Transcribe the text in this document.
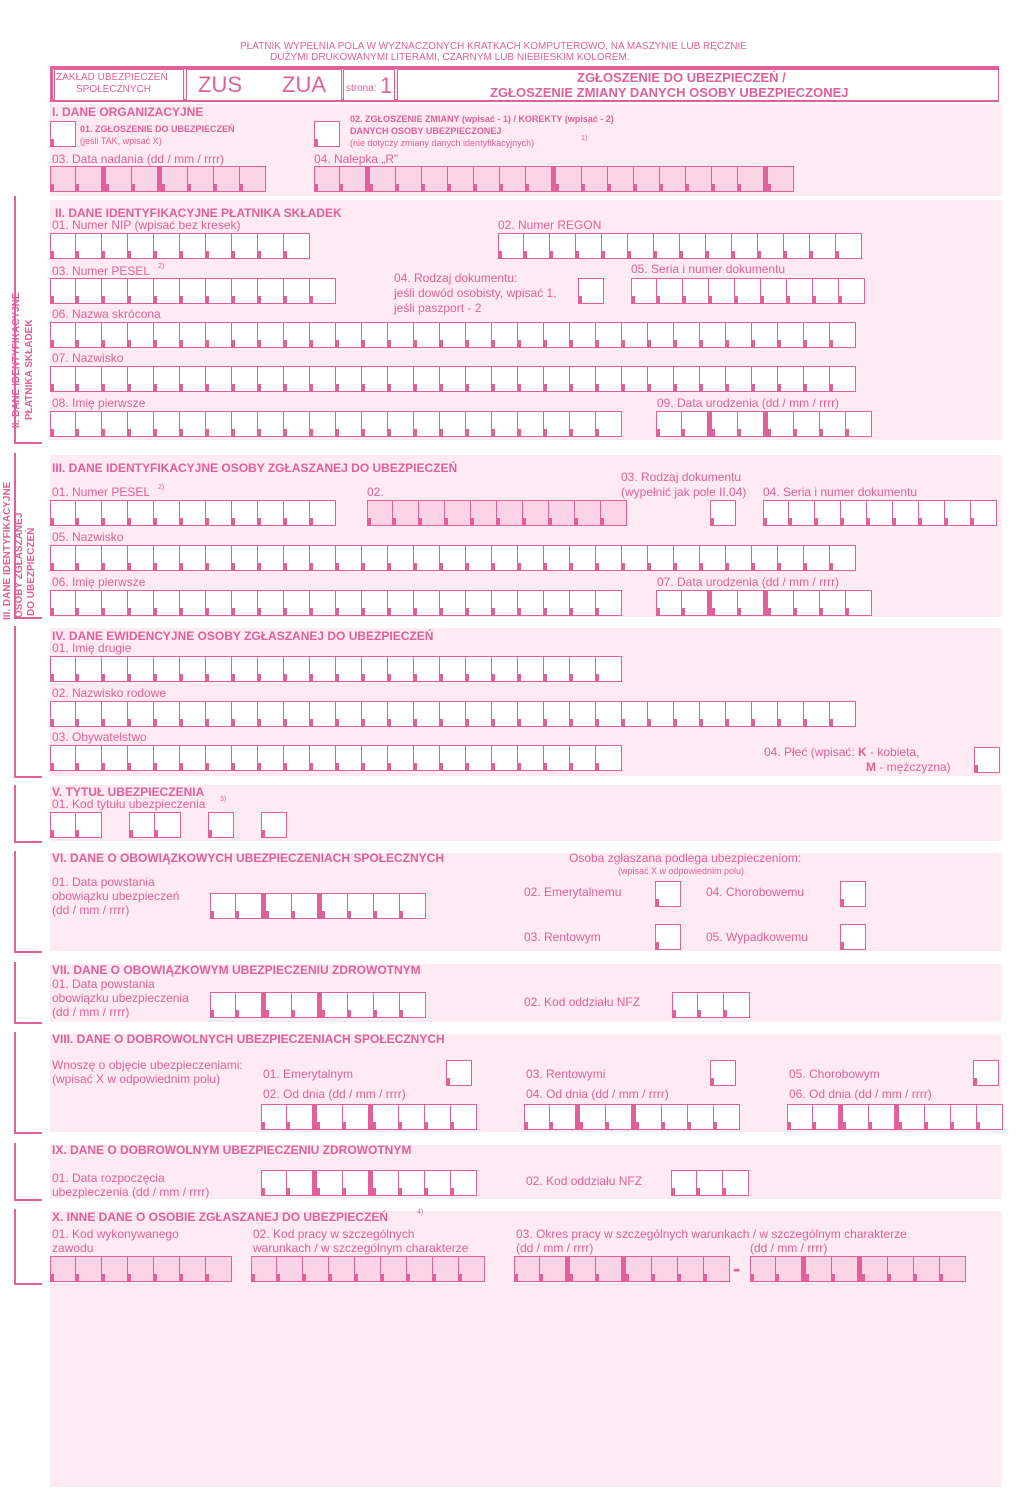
PŁATNIK WYPEŁNIA POLA W WYZNACZONYCH KRATKACH KOMPUTEROWO, NA MASZYNIE LUB RĘCZNIE
DUŻYMI DRUKOWANYMI LITERAMI, CZARNYM LUB NIEBIESKIM KOLOREM.
ZAKŁAD UBEZPIECZEŃ
SPOŁECZNYCH ZUS ZUA strona: 1	ZGŁOSZENIE DO UBEZPIECZEŃ /
ZGŁOSZENIE ZMIANY DANYCH OSOBY UBEZPIECZONEJ
I. DANE ORGANIZACYJNE
01. ZGŁOSZENIE DO UBEZPIECZEŃ
(jeśli TAK, wpisać X)
02. ZGŁOSZENIE ZMIANY (wpisać - 1) / KOREKTY (wpisać - 2)
DANYCH OSOBY UBEZPIECZONEJ
(nie dotyczy zmiany danych identyfikacyjnych)	1)
03. Data nadania (dd / mm / rrrr)	04. Nalepka „R”
II. DANE IDENTYFIKACYJNE PŁATNIKA SKŁADEK
II. DANE IDENTYFIKACYJNE PŁATNIKA SKŁADEK
01. Numer NIP (wpisać bez kresek)	02. Numer REGON
03. Numer PESEL 2)
04. Rodzaj dokumentu:
jeśli dowód osobisty, wpisać 1,
jeśli paszport - 2
05. Seria i numer dokumentu
06. Nazwa skrócona
07. Nazwisko
08. Imię pierwsze	09. Data urodzenia (dd / mm / rrrr)
III. DANE IDENTYFIKACYJNE OSOBY ZGŁASZANEJ DO UBEZPIECZEŃ
III. DANE IDENTYFIKACYJNE OSOBY ZGŁASZANEJ DO UBEZPIECZEŃ
01. Numer PESEL 2)	02.
03. Rodzaj dokumentu
(wypełnić jak pole II.04) 04. Seria i numer dokumentu
05. Nazwisko
06. Imię pierwsze	07. Data urodzenia (dd / mm / rrrr)
IV. DANE EWIDENCYJNE OSOBY ZGŁASZANEJ DO UBEZPIECZEŃ
01. Imię drugie
02. Nazwisko rodowe
03. Obywatelstwo
04. Płeć (wpisać: K - kobieta,
M - mężczyzna)
V. TYTUŁ UBEZPIECZENIA
01. Kod tytułu ubezpieczenia 3)
VI. DANE O OBOWIĄZKOWYCH UBEZPIECZENIACH SPOŁECZNYCH
01. Data powstania
obowiązku ubezpieczeń
(dd / mm / rrrr)
Osoba zgłaszana podlega ubezpieczeniom:
(wpisać X w odpowiednim polu)
02. Emerytalnemu	04. Chorobowemu
03. Rentowym	05. Wypadkowemu
VII. DANE O OBOWIĄZKOWYM UBEZPIECZENIU ZDROWOTNYM
01. Data powstania
obowiązku ubezpieczenia
(dd / mm / rrrr)
02. Kod oddziału NFZ
VIII. DANE O DOBROWOLNYCH UBEZPIECZENIACH SPOŁECZNYCH
Wnoszę o objęcie ubezpieczeniami:
(wpisać X w odpowiednim polu)	01. Emerytalnym	03. Rentowymi	05. Chorobowym
02. Od dnia (dd / mm / rrrr)	04. Od dnia (dd / mm / rrrr)	06. Od dnia (dd / mm / rrrr)
IX. DANE O DOBROWOLNYM UBEZPIECZENIU ZDROWOTNYM
01. Data rozpoczęcia
ubezpieczenia (dd / mm / rrrr)
02. Kod oddziału NFZ
X. INNE DANE O OSOBIE ZGŁASZANEJ DO UBEZPIECZEŃ	4)
01. Kod wykonywanego
zawodu
02. Kod pracy w szczególnych
warunkach / w szczególnym charakterze
03. Okres pracy w szczególnych warunkach / w szczególnym charakterze
(dd / mm / rrrr)	(dd / mm / rrrr)
-
